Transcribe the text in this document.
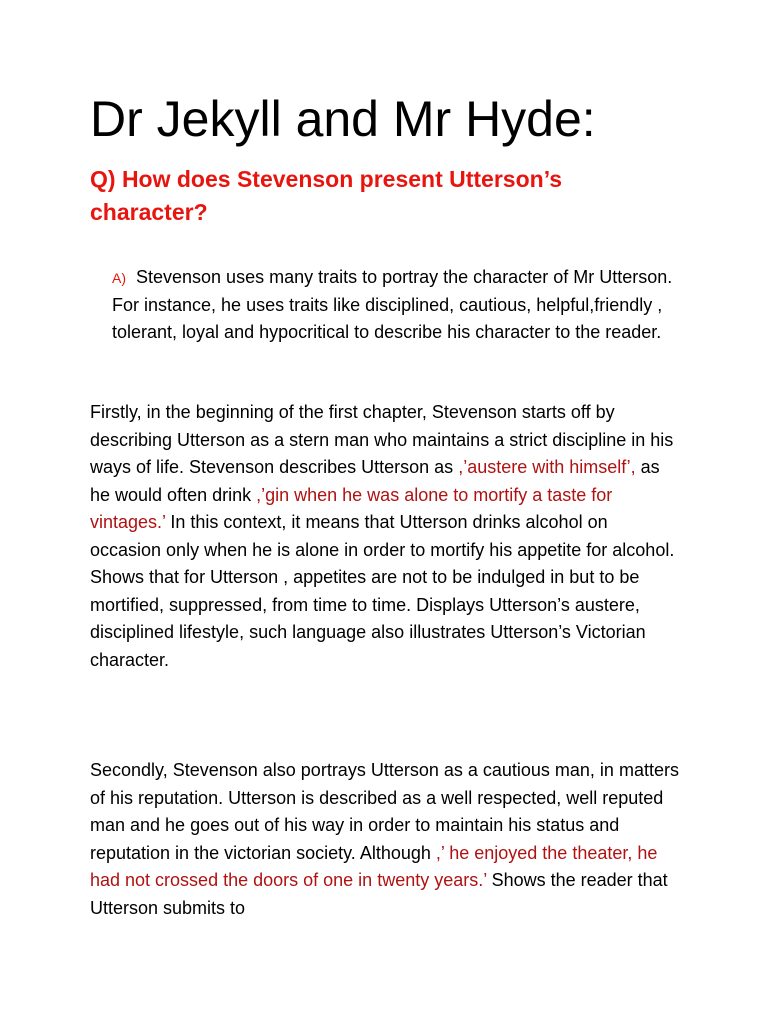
Dr Jekyll and Mr Hyde:
Q) How does Stevenson present Utterson’s character?
A) Stevenson uses many traits to portray the character of Mr Utterson. For instance, he uses traits like disciplined, cautious, helpful,friendly , tolerant, loyal and hypocritical to describe his character to the reader.

Firstly, in the beginning of the first chapter, Stevenson starts off by describing Utterson as a stern man who maintains a strict discipline in his ways of life. Stevenson describes Utterson as ,’austere with himself’, as he would often drink ,’gin when he was alone to mortify a taste for vintages.’ In this context, it means that Utterson drinks alcohol on occasion only when he is alone in order to mortify his appetite for alcohol. Shows that for Utterson , appetites are not to be indulged in but to be mortified, suppressed, from time to time. Displays Utterson’s austere, disciplined lifestyle, such language also illustrates Utterson’s Victorian character.

Secondly, Stevenson also portrays Utterson as a cautious man, in matters of his reputation. Utterson is described as a well respected, well reputed man and he goes out of his way in order to maintain his status and reputation in the victorian society. Although ,’ he enjoyed the theater, he had not crossed the doors of one in twenty years.’ Shows the reader that Utterson submits to
